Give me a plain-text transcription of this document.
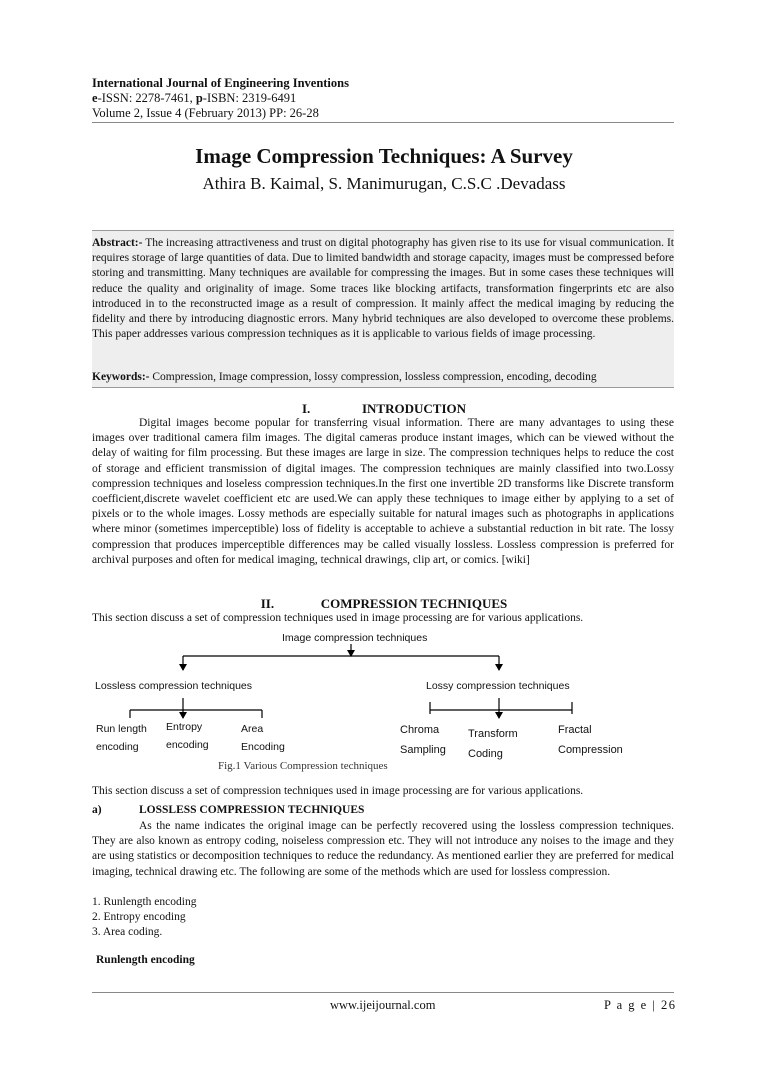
International Journal of Engineering Inventions
e-ISSN: 2278-7461, p-ISBN: 2319-6491
Volume 2, Issue 4 (February 2013) PP: 26-28
Image Compression Techniques: A Survey
Athira B. Kaimal, S. Manimurugan, C.S.C .Devadass

Abstract:- The increasing attractiveness and trust on digital photography has given rise to its use for visual communication. It requires storage of large quantities of data. Due to limited bandwidth and storage capacity, images must be compressed before storing and transmitting. Many techniques are available for compressing the images. But in some cases these techniques will reduce the quality and originality of image. Some traces like blocking artifacts, transformation fingerprints etc are also introduced in to the reconstructed image as a result of compression. It mainly affect the medical imaging by reducing the fidelity and there by introducing diagnostic errors. Many hybrid techniques are also developed to overcome these problems. This paper addresses various compression techniques as it is applicable to various fields of image processing.

Keywords:- Compression, Image compression, lossy compression, lossless compression, encoding, decoding

I.	INTRODUCTION

Digital images become popular for transferring visual information. There are many advantages to using these images over traditional camera film images. The digital cameras produce instant images, which can be viewed without the delay of waiting for film processing. But these images are large in size. The compression techniques helps to reduce the cost of storage and efficient transmission of digital images. The compression techniques are mainly classified into two.Lossy compression techniques and loseless compression techniques.In the first one invertible 2D transforms like Discrete transform coefficient,discrete wavelet coefficient etc are used.We can apply these techniques to image either by applying to a set of pixels or to the whole images. Lossy methods are especially suitable for natural images such as photographs in applications where minor (sometimes imperceptible) loss of fidelity is acceptable to achieve a substantial reduction in bit rate. The lossy compression that produces imperceptible differences may be called visually lossless. Lossless compression is preferred for archival purposes and often for medical imaging, technical drawings, clip art, or comics. [wiki]

II.	COMPRESSION TECHNIQUES

This section discuss a set of compression techniques used in image processing are for various applications.

Image compression techniques
Lossless compression techniques	Lossy compression techniques
Run length
encoding
Entropy
encoding
Area
Encoding
Chroma
Sampling
Transform
Coding
Fractal
Compression
Fig.1 Various Compression techniques

This section discuss a set of compression techniques used in image processing are for various applications.

a)	LOSSLESS COMPRESSION TECHNIQUES

As the name indicates the original image can be perfectly recovered using the lossless compression techniques. They are also known as entropy coding, noiseless compression etc. They will not introduce any noises to the image and they are using statistics or decomposition techniques to reduce the redundancy. As mentioned earlier they are preferred for medical imaging, technical drawing etc. The following are some of the methods which are used for lossless compression.

1. Runlength encoding

2. Entropy encoding

3. Area coding.

Runlength encoding

www.ijeijournal.com	P a g e | 26
